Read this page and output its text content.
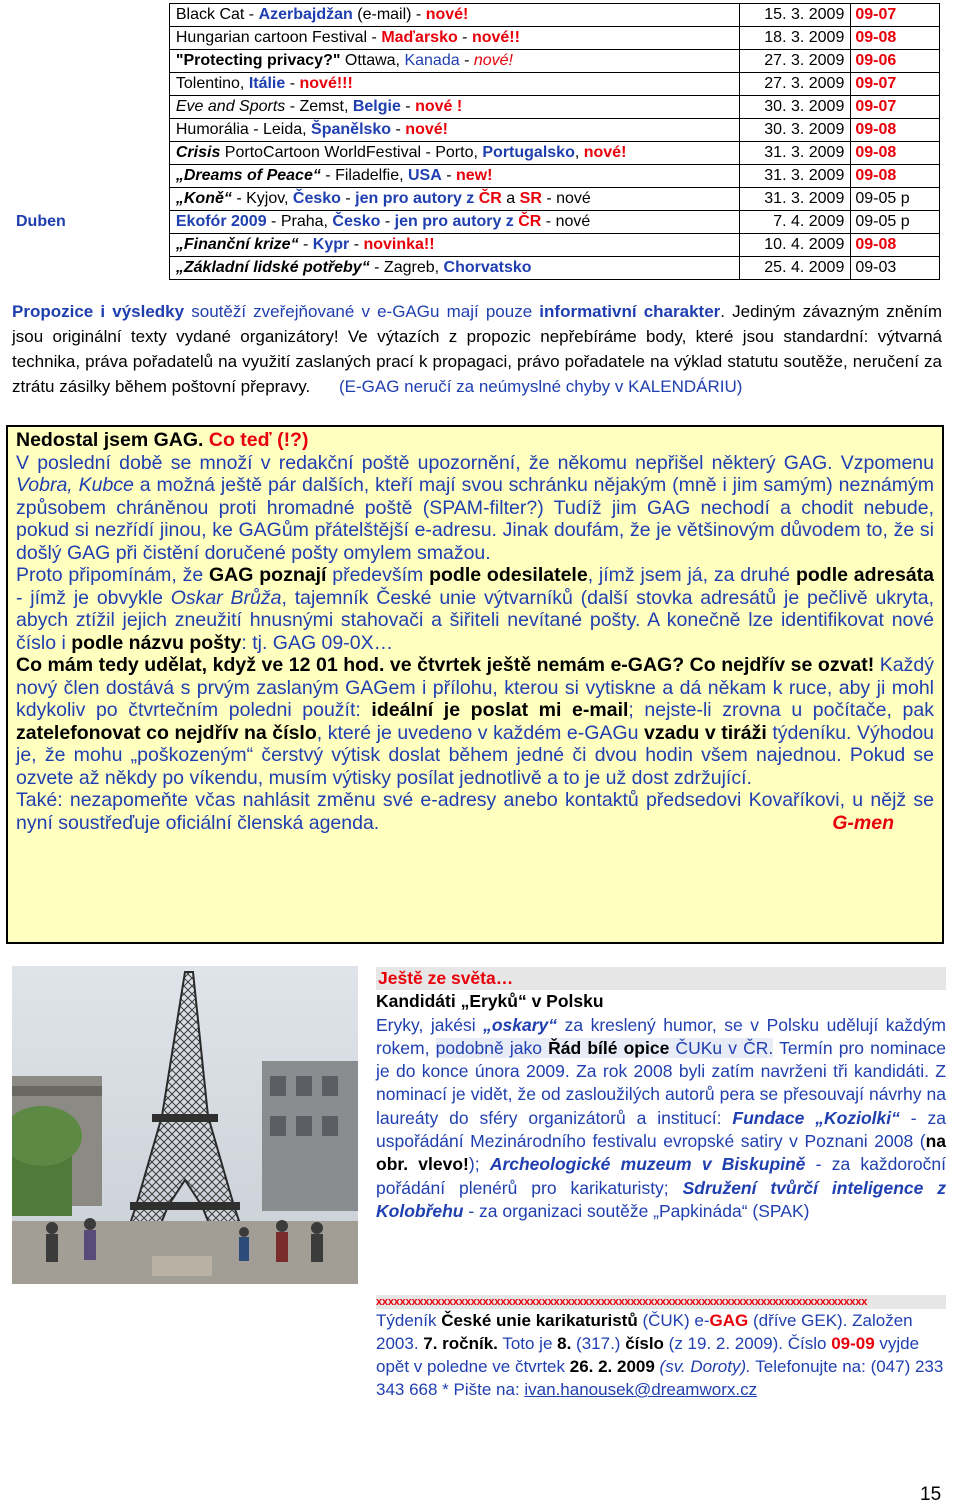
	Black Cat - Azerbajdžan (e-mail) - nové!	15. 3. 2009	09-07
	Hungarian cartoon Festival - Maďarsko - nové!!	18. 3. 2009	09-08
	"Protecting privacy?" Ottawa, Kanada - nové!	27. 3. 2009	09-06
	Tolentino, Itálie - nové!!!	27. 3. 2009	09-07
	Eve and Sports - Zemst, Belgie - nové !	30. 3. 2009	09-07
	Humorália - Leida, Španělsko - nové!	30. 3. 2009	09-08
	Crisis PortoCartoon WorldFestival - Porto, Portugalsko, nové!	31. 3. 2009	09-08
	„Dreams of Peace“ - Filadelfie, USA - new!	31. 3. 2009	09-08
	„Koně“ - Kyjov, Česko - jen pro autory z ČR a SR - nové	31. 3. 2009	09-05 p
Duben	Ekofór 2009 - Praha, Česko - jen pro autory z ČR - nové	7. 4. 2009	09-05 p
	„Finanční krize“ - Kypr - novinka!!	10. 4. 2009	09-08
	„Základní lidské potřeby“ - Zagreb, Chorvatsko	25. 4. 2009	09-03
Propozice i výsledky soutěží zveřejňované v e-GAGu mají pouze informativní charakter. Jediným závazným zněním jsou originální texty vydané organizátory! Ve výtazích z propozic nepřebíráme body, které jsou standardní: výtvarná technika, práva pořadatelů na využití zaslaných prací k propagaci, právo pořadatele na výklad statutu soutěže, neručení za ztrátu zásilky během poštovní přepravy. (E-GAG neručí za neúmyslné chyby v KALENDÁRIU)
Nedostal jsem GAG. Co teď (!?)
V poslední době se množí v redakční poště upozornění, že někomu nepřišel některý GAG. Vzpomenu Vobra, Kubce a možná ještě pár dalších, kteří mají svou schránku nějakým (mně i jim samým) neznámým způsobem chráněnou proti hromadné poště (SPAM-filter?) Tudíž jim GAG nechodí a chodit nebude, pokud si nezřídí jinou, ke GAGům přátelštější e-adresu. Jinak doufám, že je většinovým důvodem to, že si došlý GAG při čistění doručené pošty omylem smažou.
Proto připomínám, že GAG poznají především podle odesilatele, jímž jsem já, za druhé podle adresáta - jímž je obvykle Oskar Brůža, tajemník České unie výtvarníků (další stovka adresátů je pečlivě ukryta, abych ztížil jejich zneužití hnusnými stahovači a šiřiteli nevítané pošty. A konečně lze identifikovat nové číslo i podle názvu pošty: tj. GAG 09-0X…
Co mám tedy udělat, když ve 12 01 hod. ve čtvrtek ještě nemám e-GAG? Co nejdřív se ozvat! Každý nový člen dostává s prvým zaslaným GAGem i přílohu, kterou si vytiskne a dá někam k ruce, aby ji mohl kdykoliv po čtvrtečním poledni použít: ideální je poslat mi e-mail; nejste-li zrovna u počítače, pak zatelefonovat co nejdřív na číslo, které je uvedeno v každém e-GAGu vzadu v tiráži týdeníku. Výhodou je, že mohu „poškozeným“ čerstvý výtisk doslat během jedné či dvou hodin všem najednou. Pokud se ozvete až někdy po víkendu, musím výtisky posílat jednotlivě a to je už dost zdržující.
Také: nezapomeňte včas nahlásit změnu své e-adresy anebo kontaktů předsedovi Kovaříkovi, u nějž se nyní soustřeďuje oficiální členská agenda.	G-men
Ještě ze světa…
Kandidáti „Eryků“ v Polsku
Eryky, jakési „oskary“ za kreslený humor, se v Polsku udělují každým rokem, podobně jako Řád bílé opice ČUKu v ČR. Termín pro nominace je do konce února 2009. Za rok 2008 byli zatím navrženi tři kandidáti. Z nominací je vidět, že od zasloužilých autorů pera se přesouvají návrhy na laureáty do sféry organizátorů a institucí: Fundace „Koziolki“ - za uspořádání Mezinárodního festivalu evropské satiry v Poznani 2008 (na obr. vlevo!); Archeologické muzeum v Biskupině - za každoroční pořádání plenérů pro karikaturisty; Sdružení tvůrčí inteligence z Kolobřehu - za organizaci soutěže „Papkináda“ (SPAK)
xxxxxxxxxxxxxxxxxxxxxxxxxxxxxxxxxxxxxxxxxxxxxxxxxxxxxxxxxxxxxxxxxxxxxxxxxxxxxxxxxxx
Týdeník České unie karikaturistů (ČUK) e-GAG (dříve GEK). Založen 2003. 7. ročník. Toto je 8. (317.) číslo (z 19. 2. 2009). Číslo 09-09 vyjde opět v poledne ve čtvrtek 26. 2. 2009 (sv. Doroty). Telefonujte na: (047) 233 343 668 * Pište na: ivan.hanousek@dreamworx.cz
15
